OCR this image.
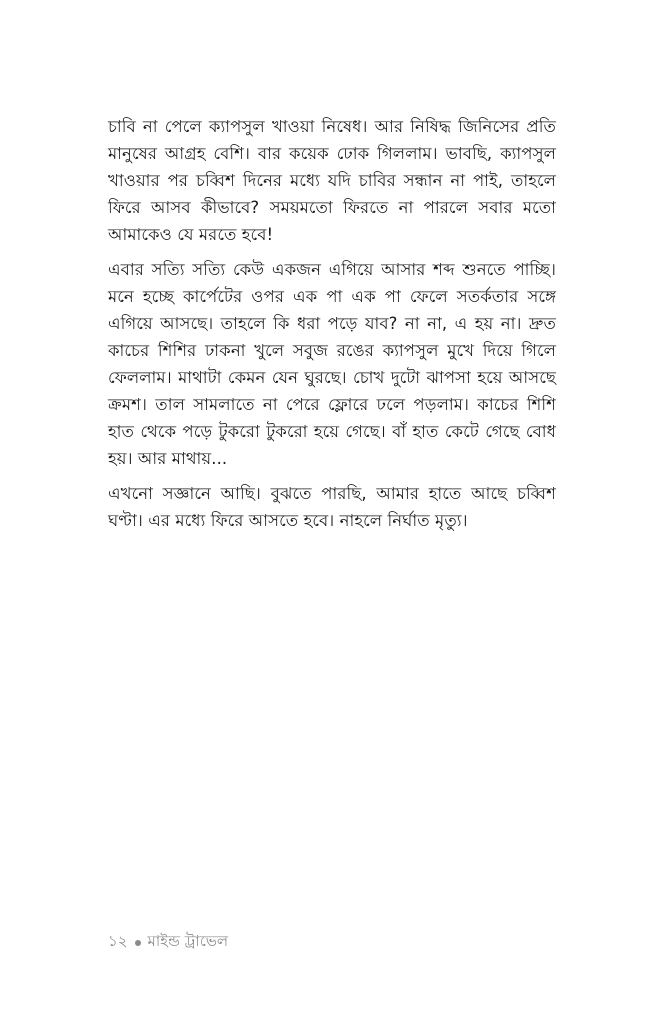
চাবি না পেলে ক্যাপসুল খাওয়া নিষেধ। আর নিষিদ্ধ জিনিসের প্রতি মানুষের আগ্রহ বেশি। বার কয়েক ঢোক গিললাম। ভাবছি, ক্যাপসুল খাওয়ার পর চব্বিশ দিনের মধ্যে যদি চাবির সন্ধান না পাই, তাহলে ফিরে আসব কীভাবে? সময়মতো ফিরতে না পারলে সবার মতো আমাকেও যে মরতে হবে!

এবার সত্যি সত্যি কেউ একজন এগিয়ে আসার শব্দ শুনতে পাচ্ছি। মনে হচ্ছে কার্পেটের ওপর এক পা এক পা ফেলে সতর্কতার সঙ্গে এগিয়ে আসছে। তাহলে কি ধরা পড়ে যাব? না না, এ হয় না। দ্রুত কাচের শিশির ঢাকনা খুলে সবুজ রঙের ক্যাপসুল মুখে দিয়ে গিলে ফেললাম। মাথাটা কেমন যেন ঘুরছে। চোখ দুটো ঝাপসা হয়ে আসছে ক্রমশ। তাল সামলাতে না পেরে ফ্লোরে ঢলে পড়লাম। কাচের শিশি হাত থেকে পড়ে টুকরো টুকরো হয়ে গেছে। বাঁ হাত কেটে গেছে বোধ হয়। আর মাথায়...

এখনো সজ্ঞানে আছি। বুঝতে পারছি, আমার হাতে আছে চব্বিশ ঘণ্টা। এর মধ্যে ফিরে আসতে হবে। নাহলে নির্ঘাত মৃত্যু।

১২ মাইন্ড ট্রাভেল
